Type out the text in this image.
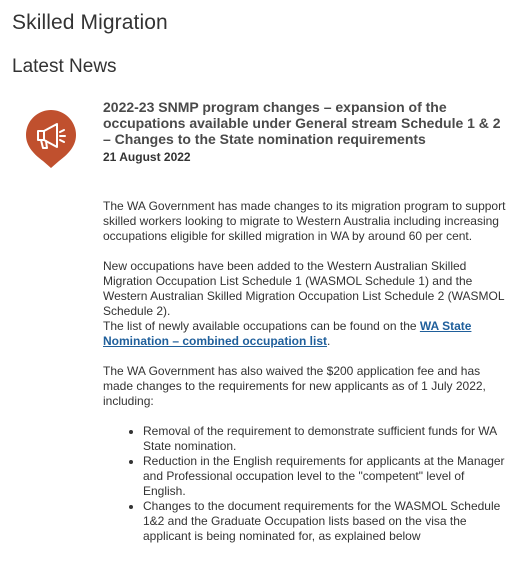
Skilled Migration
Latest News
2022-23 SNMP program changes – expansion of the occupations available under General stream Schedule 1 & 2 – Changes to the State nomination requirements
21 August 2022

The WA Government has made changes to its migration program to support skilled workers looking to migrate to Western Australia including increasing occupations eligible for skilled migration in WA by around 60 per cent.

New occupations have been added to the Western Australian Skilled Migration Occupation List Schedule 1 (WASMOL Schedule 1) and the Western Australian Skilled Migration Occupation List Schedule 2 (WASMOL Schedule 2).

The list of newly available occupations can be found on the WA State Nomination – combined occupation list.

The WA Government has also waived the $200 application fee and has made changes to the requirements for new applicants as of 1 July 2022, including:

• Removal of the requirement to demonstrate sufficient funds for WA State nomination.
• Reduction in the English requirements for applicants at the Manager and Professional occupation level to the "competent" level of English.
• Changes to the document requirements for the WASMOL Schedule 1&2 and the Graduate Occupation lists based on the visa the applicant is being nominated for, as explained below
